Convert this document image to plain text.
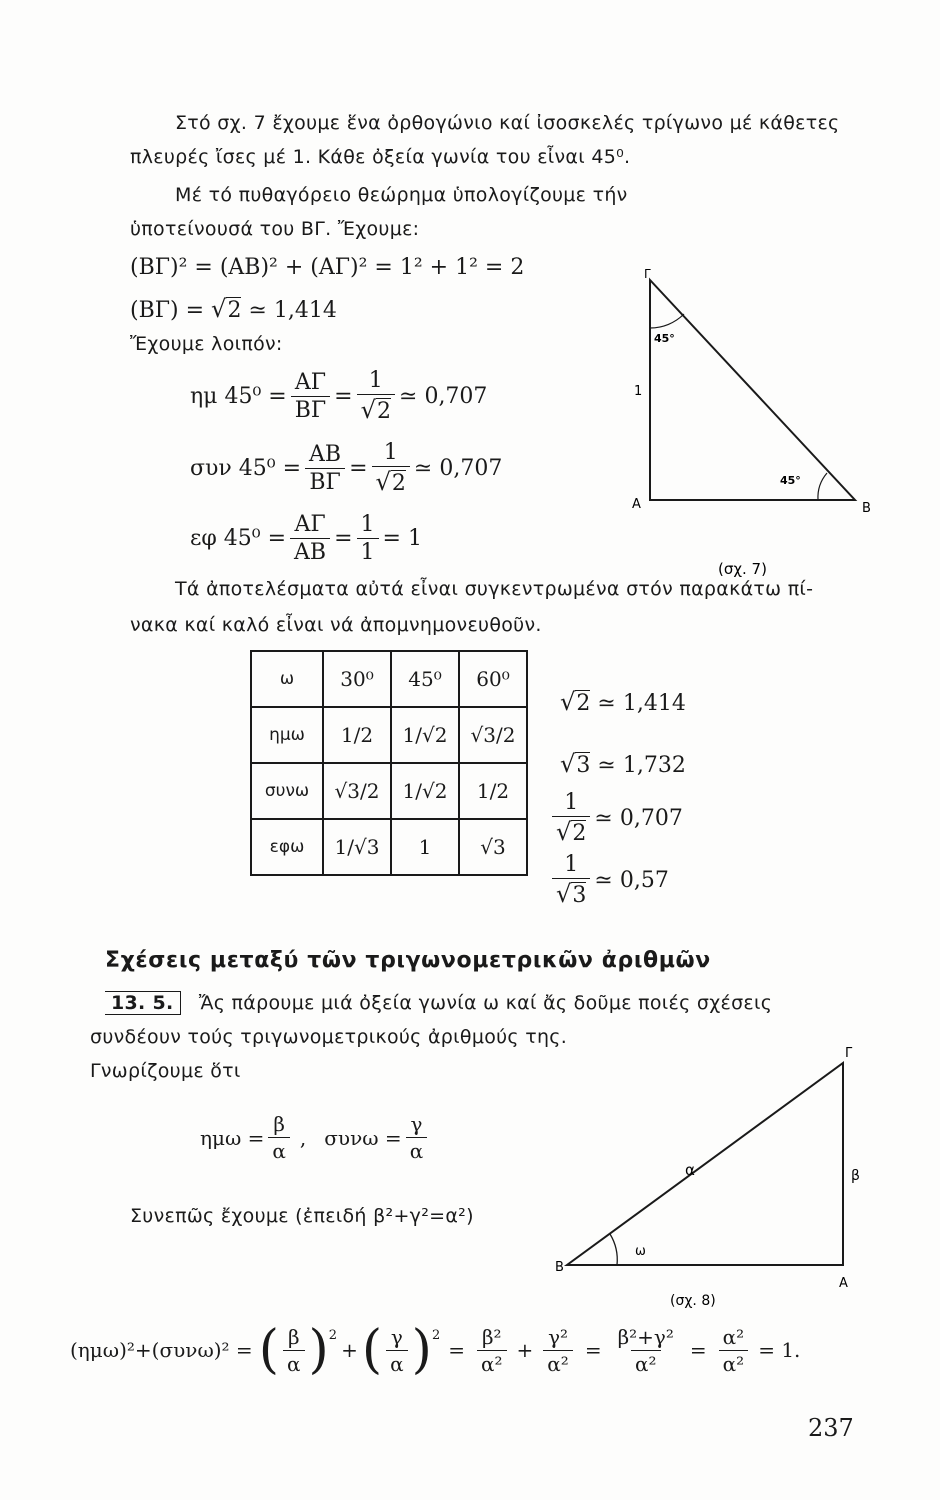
Στό σχ. 7 ἔχουμε ἕνα ὀρθογώνιο καί ἰσοσκελές τρίγωνο μέ κάθετες
πλευρές ἴσες μέ 1. Κάθε ὀξεία γωνία του εἶναι 45⁰.
Μέ τό πυθαγόρειο θεώρημα ὑπολογίζουμε τήν
ὑποτείνουσά του ΒΓ. Ἔχουμε:
(ΒΓ)² = (ΑΒ)² + (ΑΓ)² = 1² + 1² = 2
(ΒΓ) = √2 ≃ 1,414
Ἔχουμε λοιπόν:
ημ $45^0 = \frac{A\Gamma}{B\Gamma} = \frac{1}{√2}$ ≃ 0,707
συν $45^0 = \frac{AB}{B\Gamma} = \frac{1}{√2}$ ≃ 0,707
εφ $45^0 = \frac{A\Gamma}{AB} = \frac{1}{1} = 1$
Γ
Α	Β
1
45°
45°
(σχ. 7)
Τά ἀποτελέσματα αὐτά εἶναι συγκεντρωμένα στόν παρακάτω πί-
νακα καί καλό εἶναι νά ἀπομνημονευθοῦν.
ω	30⁰	45⁰	60⁰
ημω	1/2	1/√2	√3/2
συνω	√3/2	1/√2	1/2
εφω	1/√3	1	√3
√2 ≃ 1,414
√3 ≃ 1,732
$\frac{1}{√2}$ ≃ 0,707
$\frac{1}{√3}$ ≃ 0,57
Σχέσεις μεταξύ τῶν τριγωνομετρικῶν ἀριθμῶν
13. 5. Ἄς πάρουμε μιά ὀξεία γωνία ω καί ἄς δοῦμε ποιές σχέσεις
συνδέουν τούς τριγωνομετρικούς ἀριθμούς της.
Γνωρίζουμε ὅτι
$\eta\mu\omega = \frac{\beta}{\alpha}$ , $\sigma\upsilon\nu\omega = \frac{\gamma}{\alpha}$
Συνεπῶς ἔχουμε (ἐπειδή β²+γ²=α²)
Γ
Β
Α
α	β
ω
(σχ. 8)
(ημω)²+(συνω)² = ( $\frac{\beta}{\alpha} )^2$
+ ( $\frac{\gamma}{\alpha} )^2$
= $\frac{\text{β²}}{\text{α²}} + \frac{\text{γ²}}{\text{α²}} = \frac{\text{β²+γ²}}{\text{α²}} = \frac{\text{α²}}{\text{α²}} = 1$.
237
